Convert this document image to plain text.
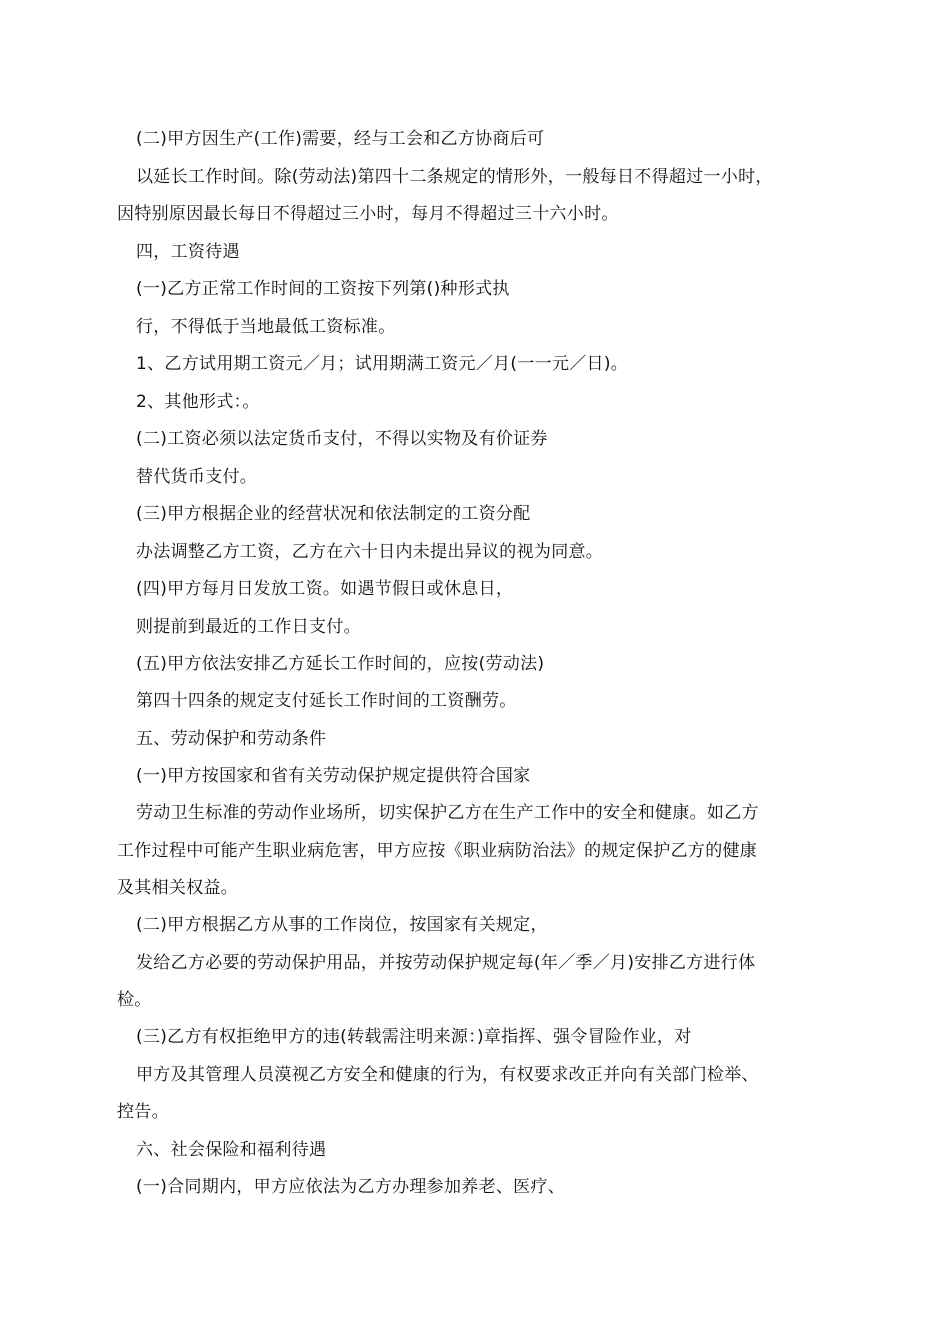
(二)甲方因生产(工作)需要，经与工会和乙方协商后可
以延长工作时间。除(劳动法)第四十二条规定的情形外，一般每日不得超过一小时，
因特别原因最长每日不得超过三小时，每月不得超过三十六小时。
四，工资待遇
(一)乙方正常工作时间的工资按下列第()种形式执
行，不得低于当地最低工资标准。
1、乙方试用期工资元／月；试用期满工资元／月(一一元／日)。
2、其他形式：。
(二)工资必须以法定货币支付，不得以实物及有价证券
替代货币支付。
(三)甲方根据企业的经营状况和依法制定的工资分配
办法调整乙方工资，乙方在六十日内未提出异议的视为同意。
(四)甲方每月日发放工资。如遇节假日或休息日，
则提前到最近的工作日支付。
(五)甲方依法安排乙方延长工作时间的，应按(劳动法)
第四十四条的规定支付延长工作时间的工资酬劳。
五、劳动保护和劳动条件
(一)甲方按国家和省有关劳动保护规定提供符合国家
劳动卫生标准的劳动作业场所，切实保护乙方在生产工作中的安全和健康。如乙方
工作过程中可能产生职业病危害，甲方应按《职业病防治法》的规定保护乙方的健康
及其相关权益。
(二)甲方根据乙方从事的工作岗位，按国家有关规定，
发给乙方必要的劳动保护用品，并按劳动保护规定每(年／季／月)安排乙方进行体
检。
(三)乙方有权拒绝甲方的违(转载需注明来源：)章指挥、强令冒险作业，对
甲方及其管理人员漠视乙方安全和健康的行为，有权要求改正并向有关部门检举、
控告。
六、社会保险和福利待遇
(一)合同期内，甲方应依法为乙方办理参加养老、医疗、
